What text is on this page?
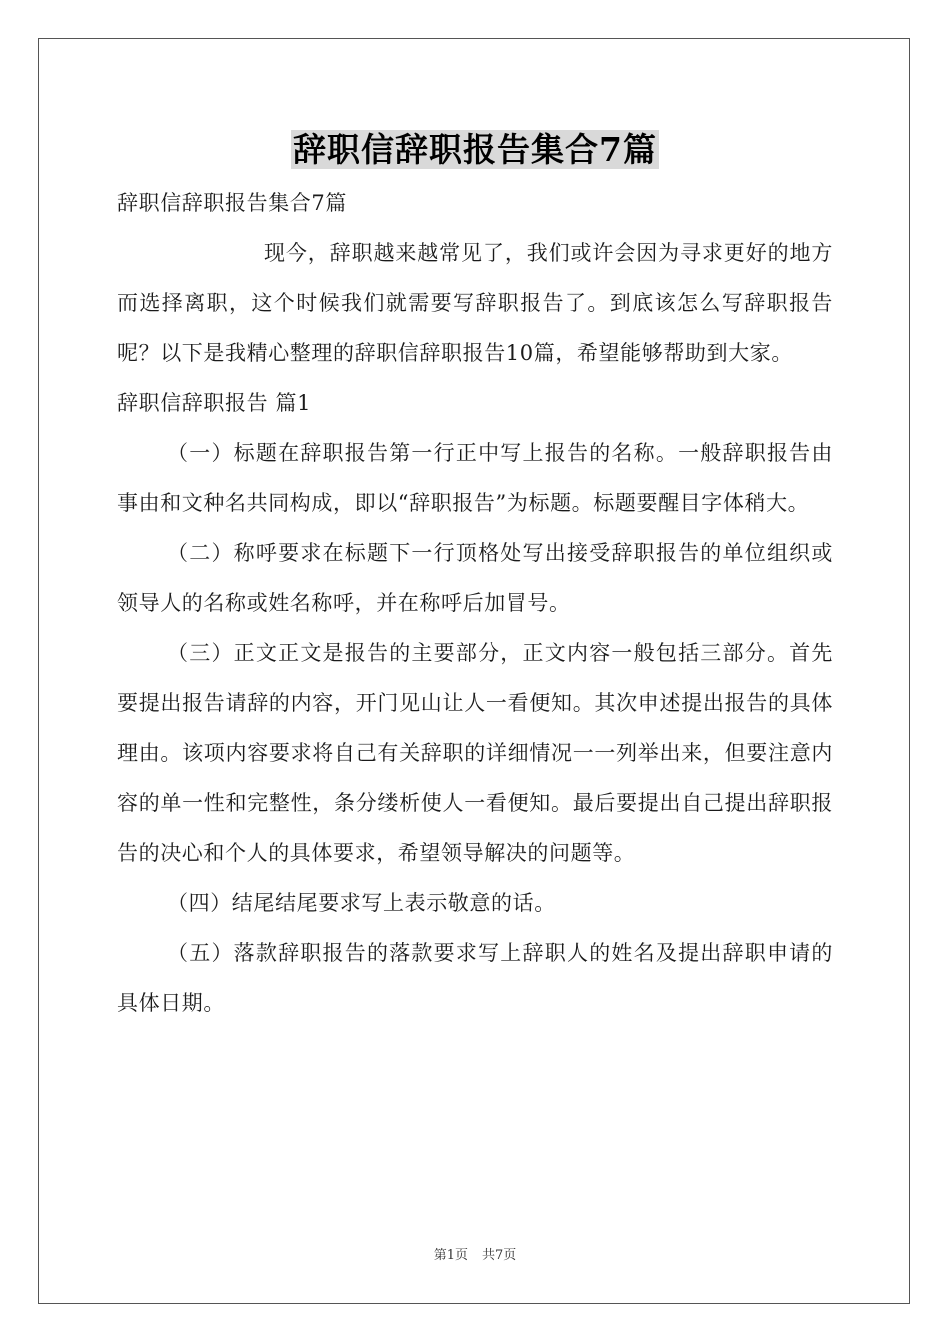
辞职信辞职报告集合7篇

辞职信辞职报告集合7篇

现今，辞职越来越常见了，我们或许会因为寻求更好的地方而选择离职，这个时候我们就需要写辞职报告了。到底该怎么写辞职报告呢？以下是我精心整理的辞职信辞职报告10篇，希望能够帮助到大家。

辞职信辞职报告 篇1

（一）标题在辞职报告第一行正中写上报告的名称。一般辞职报告由事由和文种名共同构成，即以“辞职报告”为标题。标题要醒目字体稍大。

（二）称呼要求在标题下一行顶格处写出接受辞职报告的单位组织或领导人的名称或姓名称呼，并在称呼后加冒号。

（三）正文正文是报告的主要部分，正文内容一般包括三部分。首先要提出报告请辞的内容，开门见山让人一看便知。其次申述提出报告的具体理由。该项内容要求将自己有关辞职的详细情况一一列举出来，但要注意内容的单一性和完整性，条分缕析使人一看便知。最后要提出自己提出辞职报告的决心和个人的具体要求，希望领导解决的问题等。

（四）结尾结尾要求写上表示敬意的话。

（五）落款辞职报告的落款要求写上辞职人的姓名及提出辞职申请的具体日期。

第1页 共7页
